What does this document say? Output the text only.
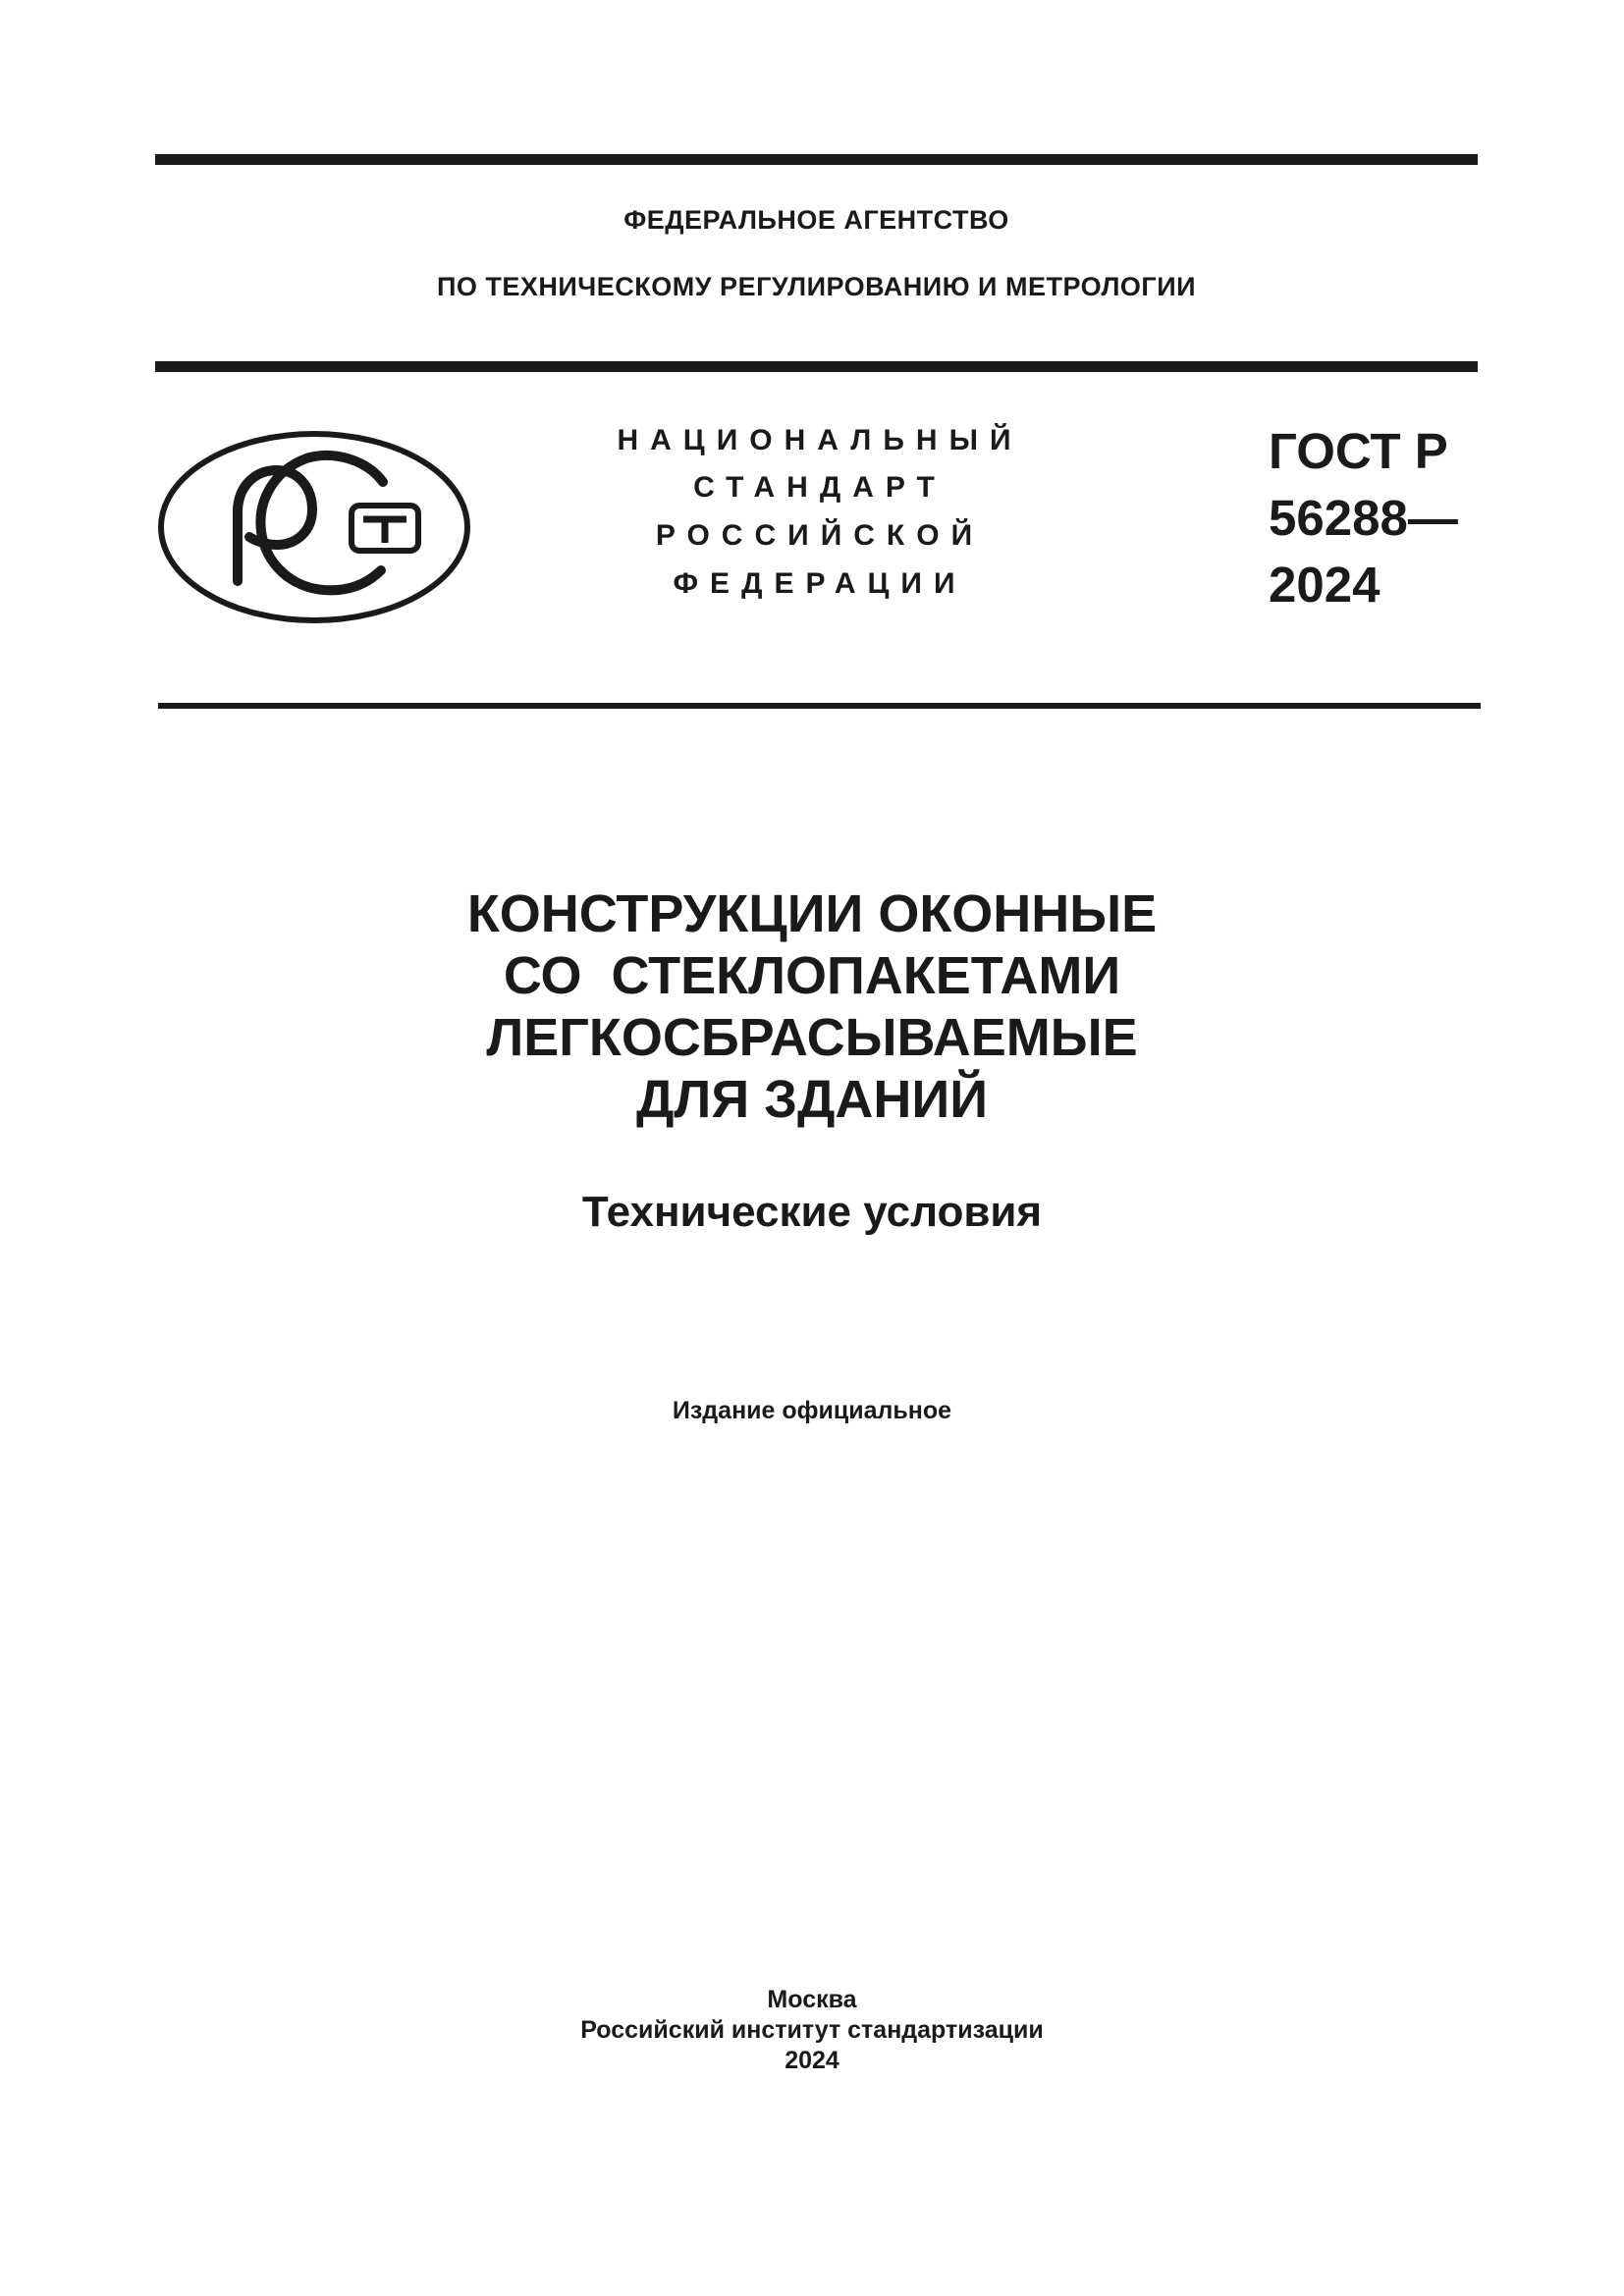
ФЕДЕРАЛЬНОЕ АГЕНТСТВО
ПО ТЕХНИЧЕСКОМУ РЕГУЛИРОВАНИЮ И МЕТРОЛОГИИ
НАЦИОНАЛЬНЫЙ
СТАНДАРТ
РОССИЙСКОЙ
ФЕДЕРАЦИИ
ГОСТ Р
56288—
2024
КОНСТРУКЦИИ ОКОННЫЕ
СО  СТЕКЛОПАКЕТАМИ
ЛЕГКОСБРАСЫВАЕМЫЕ
ДЛЯ ЗДАНИЙ
Технические условия
Издание официальное
Москва
Российский институт стандартизации
2024
